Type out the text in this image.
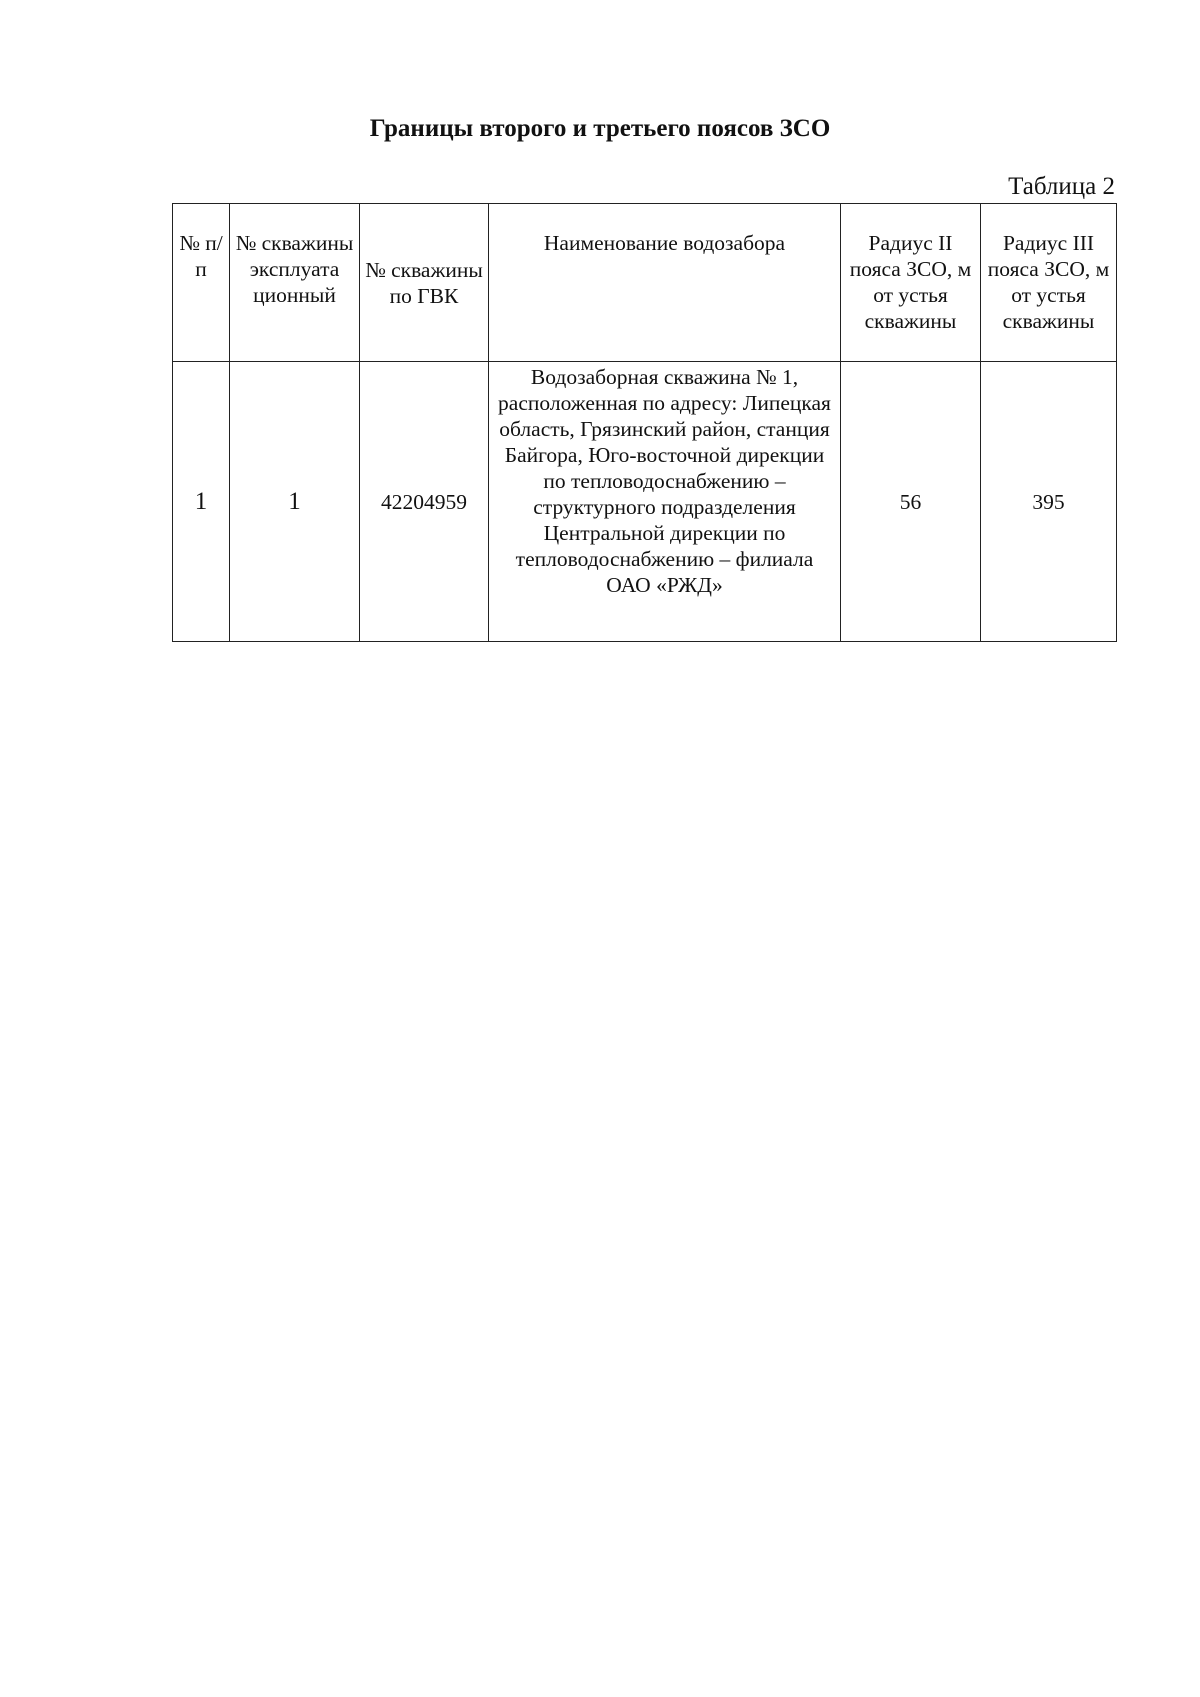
Границы второго и третьего поясов ЗСО
Таблица 2
№ п/п	№ скважины эксплуата ционный	№ скважины по ГВК	Наименование водозабора	Радиус II пояса ЗСО, м от устья скважины	Радиус III пояса ЗСО, м от устья скважины
1	1	42204959	Водозаборная скважина № 1, расположенная по адресу: Липецкая область, Грязинский район, станция Байгора, Юго-восточной дирекции по тепловодоснабжению – структурного подразделения Центральной дирекции по тепловодоснабжению – филиала ОАО «РЖД»	56	395
